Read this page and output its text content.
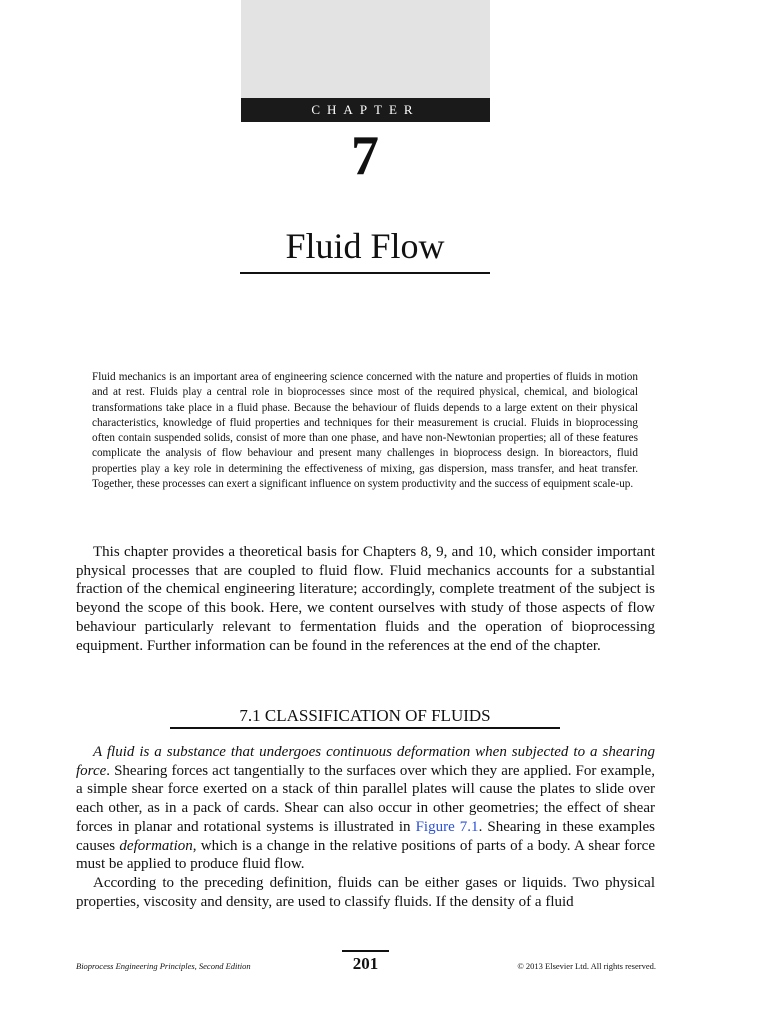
CHAPTER
7
Fluid Flow

Fluid mechanics is an important area of engineering science concerned with the nature and properties of fluids in motion and at rest. Fluids play a central role in bioprocesses since most of the required physical, chemical, and biological transformations take place in a fluid phase. Because the behaviour of fluids depends to a large extent on their physical characteristics, knowledge of fluid properties and techniques for their measurement is crucial. Fluids in bioprocessing often contain suspended solids, consist of more than one phase, and have non-Newtonian properties; all of these features complicate the analysis of flow behaviour and present many challenges in bioprocess design. In bioreactors, fluid properties play a key role in determining the effectiveness of mixing, gas dispersion, mass transfer, and heat transfer. Together, these processes can exert a significant influence on system productivity and the success of equipment scale-up.

This chapter provides a theoretical basis for Chapters 8, 9, and 10, which consider important physical processes that are coupled to fluid flow. Fluid mechanics accounts for a substantial fraction of the chemical engineering literature; accordingly, complete treatment of the subject is beyond the scope of this book. Here, we content ourselves with study of those aspects of flow behaviour particularly relevant to fermentation fluids and the operation of bioprocessing equipment. Further information can be found in the references at the end of the chapter.

7.1 CLASSIFICATION OF FLUIDS

A fluid is a substance that undergoes continuous deformation when subjected to a shearing force. Shearing forces act tangentially to the surfaces over which they are applied. For example, a simple shear force exerted on a stack of thin parallel plates will cause the plates to slide over each other, as in a pack of cards. Shear can also occur in other geometries; the effect of shear forces in planar and rotational systems is illustrated in Figure 7.1. Shearing in these examples causes deformation, which is a change in the relative positions of parts of a body. A shear force must be applied to produce fluid flow.

According to the preceding definition, fluids can be either gases or liquids. Two physical properties, viscosity and density, are used to classify fluids. If the density of a fluid

Bioprocess Engineering Principles, Second Edition	201	© 2013 Elsevier Ltd. All rights reserved.
